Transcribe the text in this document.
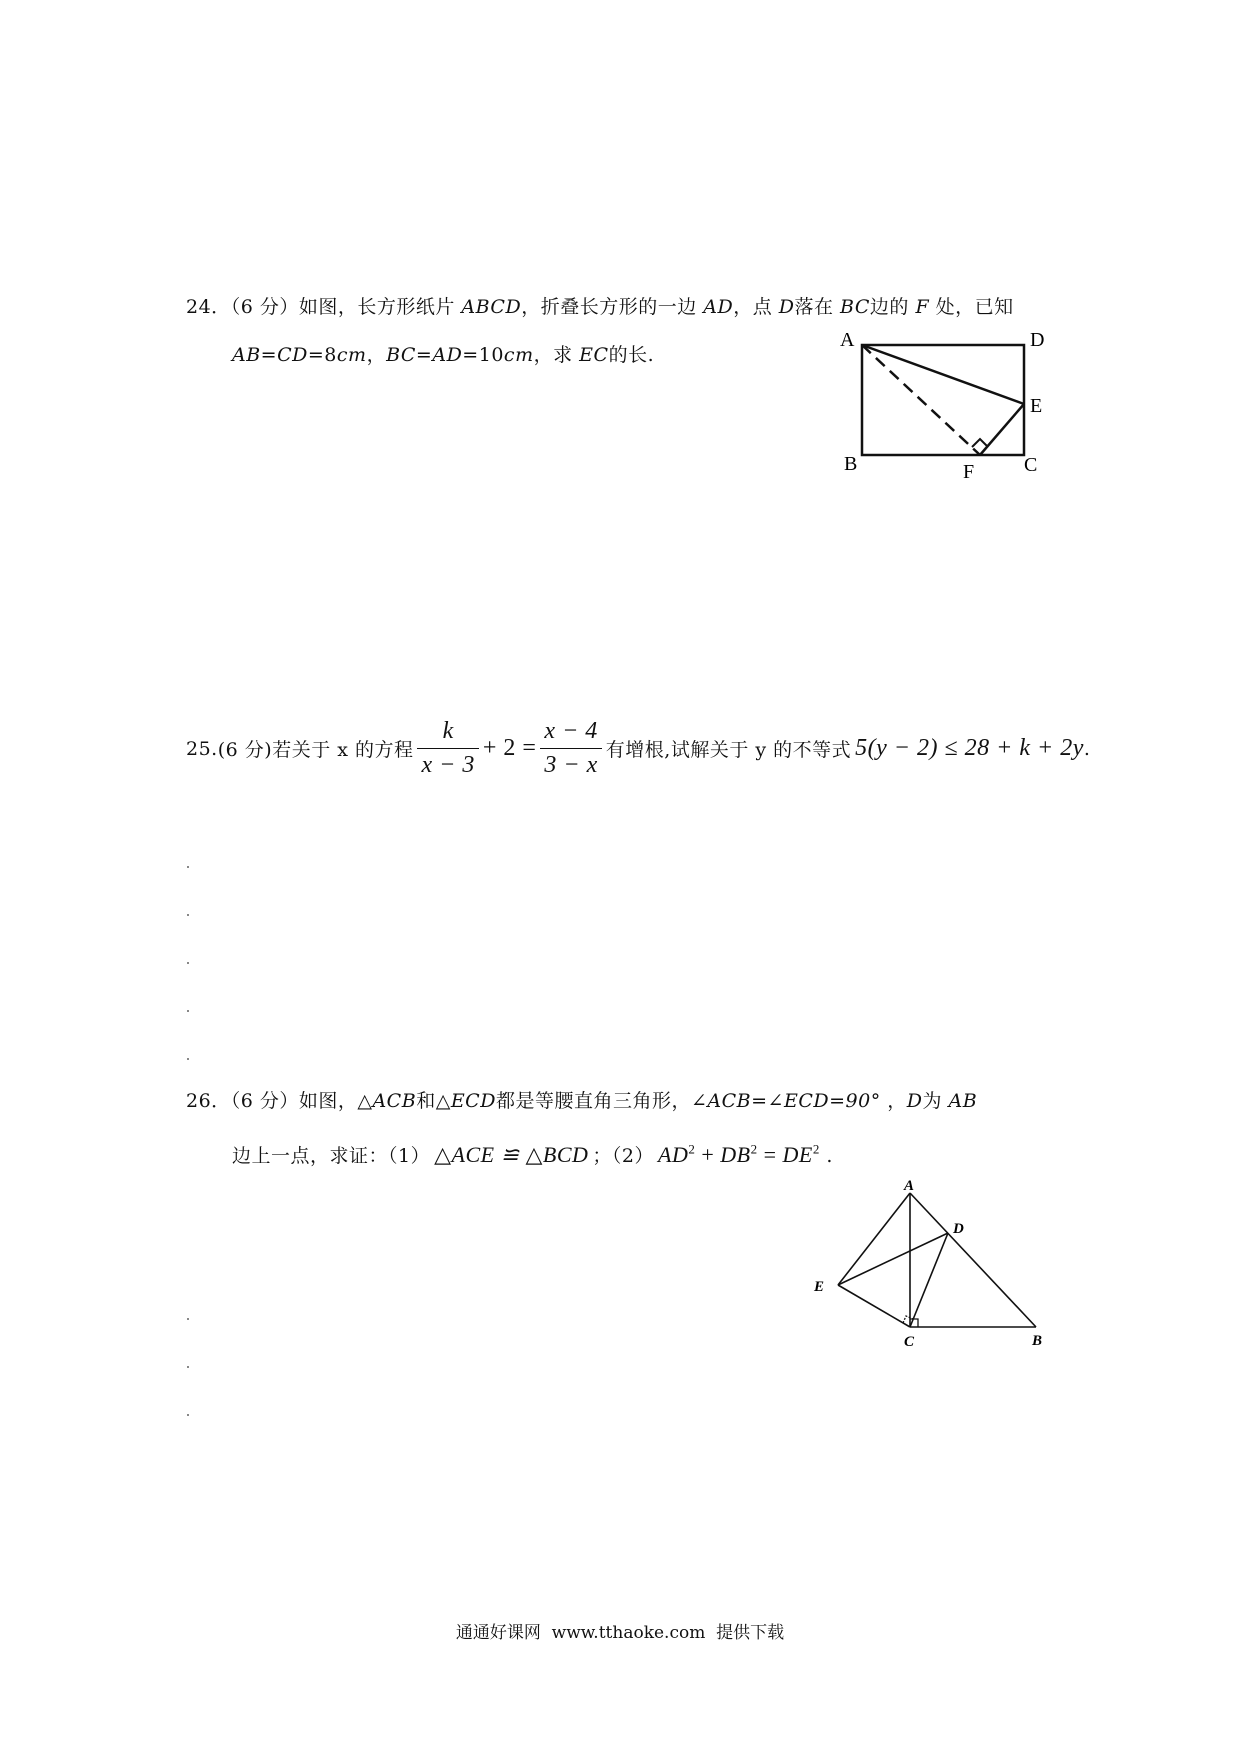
24．（6 分）如图，长方形纸片 ABCD，折叠长方形的一边 AD，点 D落在 BC边的 F 处，已知
AB=CD=8cm，BC=AD=10cm，求 EC的长.
A	D
E
B	F C
25. (6 分) 若关于 x 的方程 $\frac{k}{x - 3} + 2 = \frac{x - 4}{3 - x}$ 有增根,试解关于 y 的不等式 5(y − 2) ≤ 28 + k + 2y .
26．（6 分）如图，△ACB和△ECD都是等腰直角三角形，∠ACB=∠ECD=90° ，D为 AB
边上一点，求证：（1） △ACE ≌ △BCD ；（2） $AD^2 + DB^2 = DE^2$ .
A
D
E
C	B
通通好课网  www.tthaoke.com  提供下载
